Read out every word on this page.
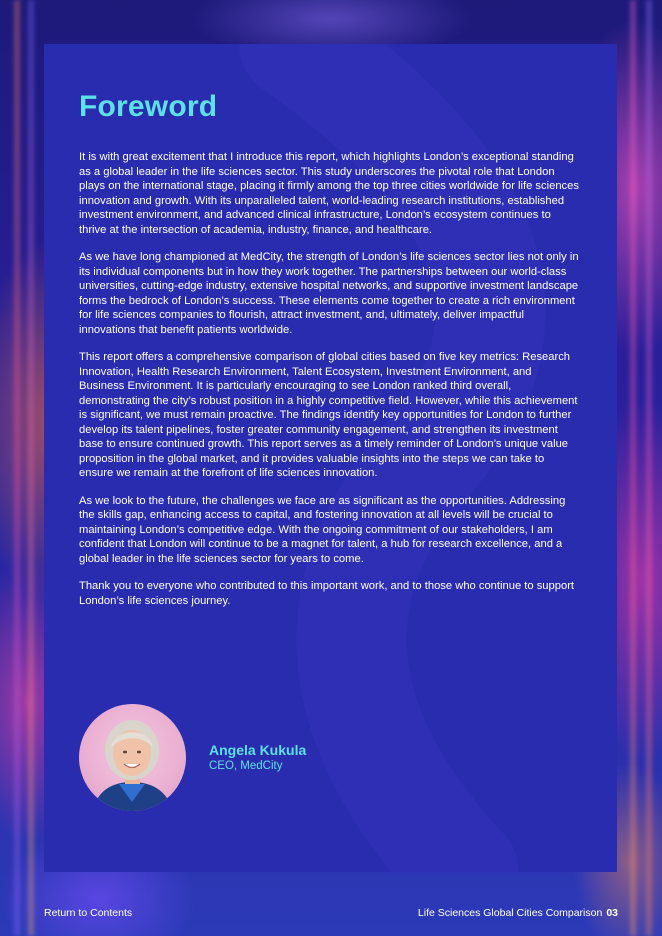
Foreword

It is with great excitement that I introduce this report, which highlights London’s exceptional standing as a global leader in the life sciences sector. This study underscores the pivotal role that London plays on the international stage, placing it firmly among the top three cities worldwide for life sciences innovation and growth. With its unparalleled talent, world-leading research institutions, established investment environment, and advanced clinical infrastructure, London’s ecosystem continues to thrive at the intersection of academia, industry, finance, and healthcare.

As we have long championed at MedCity, the strength of London’s life sciences sector lies not only in its individual components but in how they work together. The partnerships between our world-class universities, cutting-edge industry, extensive hospital networks, and supportive investment landscape forms the bedrock of London’s success. These elements come together to create a rich environment for life sciences companies to flourish, attract investment, and, ultimately, deliver impactful innovations that benefit patients worldwide.

This report offers a comprehensive comparison of global cities based on five key metrics: Research Innovation, Health Research Environment, Talent Ecosystem, Investment Environment, and Business Environment. It is particularly encouraging to see London ranked third overall, demonstrating the city’s robust position in a highly competitive field. However, while this achievement is significant, we must remain proactive. The findings identify key opportunities for London to further develop its talent pipelines, foster greater community engagement, and strengthen its investment base to ensure continued growth. This report serves as a timely reminder of London’s unique value proposition in the global market, and it provides valuable insights into the steps we can take to ensure we remain at the forefront of life sciences innovation.

As we look to the future, the challenges we face are as significant as the opportunities. Addressing the skills gap, enhancing access to capital, and fostering innovation at all levels will be crucial to maintaining London’s competitive edge. With the ongoing commitment of our stakeholders, I am confident that London will continue to be a magnet for talent, a hub for research excellence, and a global leader in the life sciences sector for years to come.

Thank you to everyone who contributed to this important work, and to those who continue to support London’s life sciences journey.

Angela Kukula
CEO, MedCity
Return to Contents	Life Sciences Global Cities Comparison 03
